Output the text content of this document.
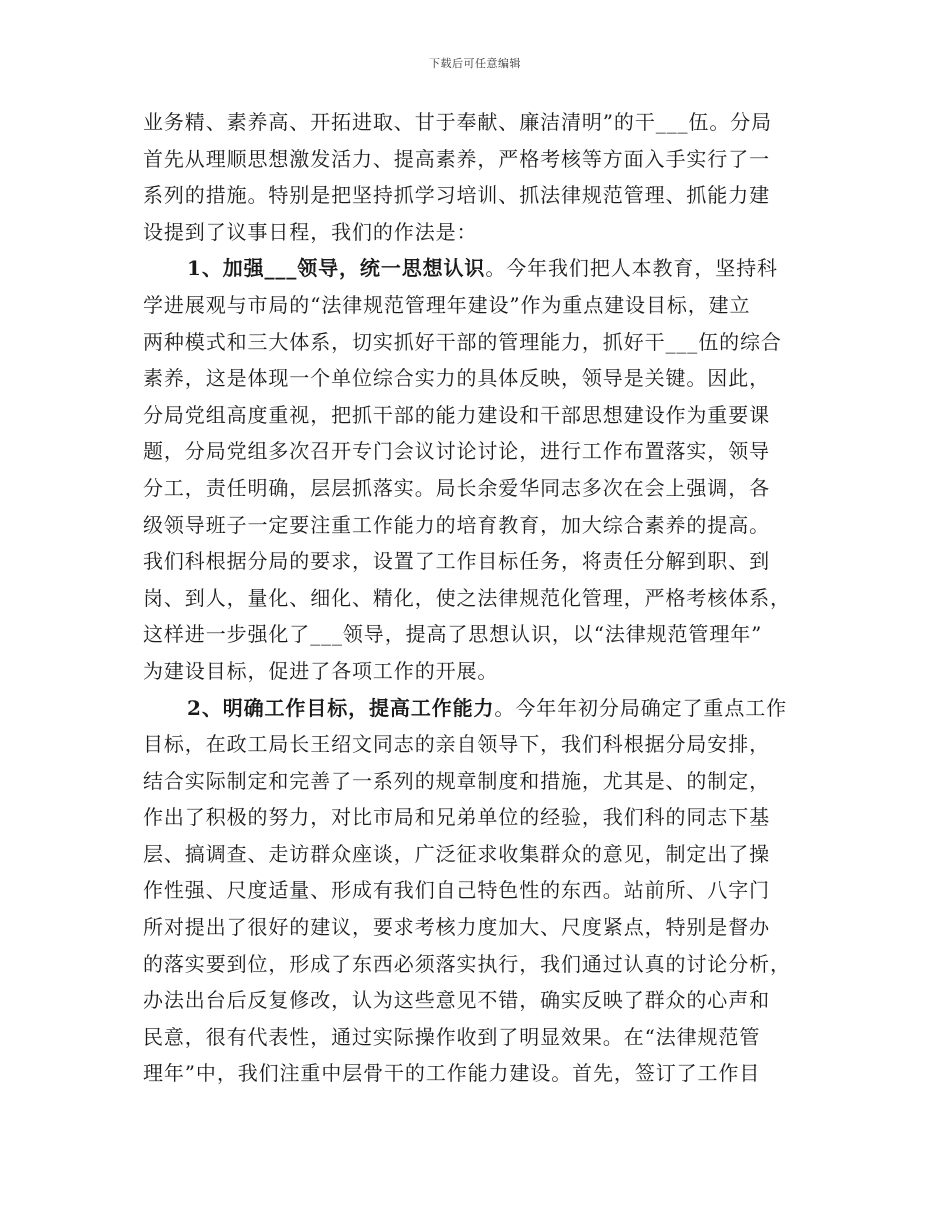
下载后可任意编辑
业务精、素养高、开拓进取、甘于奉献、廉洁清明”的干___伍。分局
首先从理顺思想激发活力、提高素养，严格考核等方面入手实行了一
系列的措施。特别是把坚持抓学习培训、抓法律规范管理、抓能力建
设提到了议事日程，我们的作法是：
1、加强___领导，统一思想认识。今年我们把人本教育，坚持科
学进展观与市局的“法律规范管理年建设”作为重点建设目标，建立
两种模式和三大体系，切实抓好干部的管理能力，抓好干___伍的综合
素养，这是体现一个单位综合实力的具体反映，领导是关键。因此，
分局党组高度重视，把抓干部的能力建设和干部思想建设作为重要课
题，分局党组多次召开专门会议讨论讨论，进行工作布置落实，领导
分工，责任明确，层层抓落实。局长余爱华同志多次在会上强调，各
级领导班子一定要注重工作能力的培育教育，加大综合素养的提高。
我们科根据分局的要求，设置了工作目标任务，将责任分解到职、到
岗、到人，量化、细化、精化，使之法律规范化管理，严格考核体系，
这样进一步强化了___领导，提高了思想认识，以“法律规范管理年”
为建设目标，促进了各项工作的开展。
2、明确工作目标，提高工作能力。今年年初分局确定了重点工作
目标，在政工局长王绍文同志的亲自领导下，我们科根据分局安排，
结合实际制定和完善了一系列的规章制度和措施，尤其是、的制定，
作出了积极的努力，对比市局和兄弟单位的经验，我们科的同志下基
层、搞调查、走访群众座谈，广泛征求收集群众的意见，制定出了操
作性强、尺度适量、形成有我们自己特色性的东西。站前所、八字门
所对提出了很好的建议，要求考核力度加大、尺度紧点，特别是督办
的落实要到位，形成了东西必须落实执行，我们通过认真的讨论分析，
办法出台后反复修改，认为这些意见不错，确实反映了群众的心声和
民意，很有代表性，通过实际操作收到了明显效果。在“法律规范管
理年”中，我们注重中层骨干的工作能力建设。首先，签订了工作目
